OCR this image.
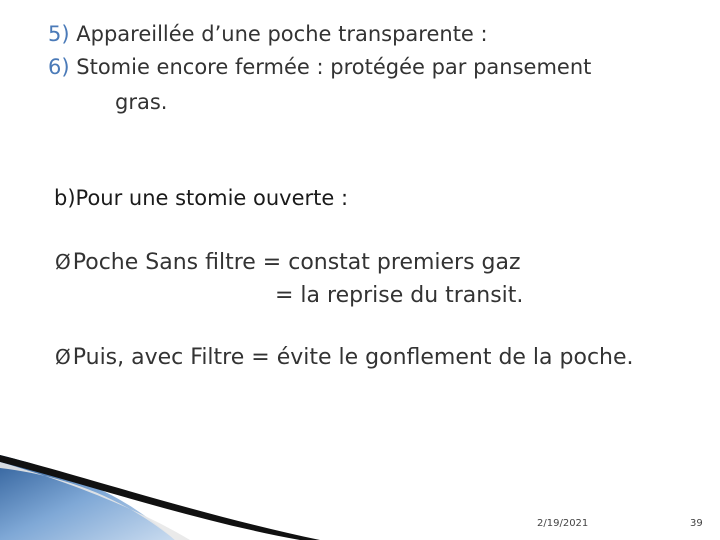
5) Appareillée d’une poche transparente :
6) Stomie encore fermée : protégée par pansement
gras.
b)Pour une stomie ouverte :
ØPoche Sans filtre = constat premiers gaz
= la reprise du transit.
ØPuis, avec Filtre = évite le gonflement de la poche.
2/19/2021	39
